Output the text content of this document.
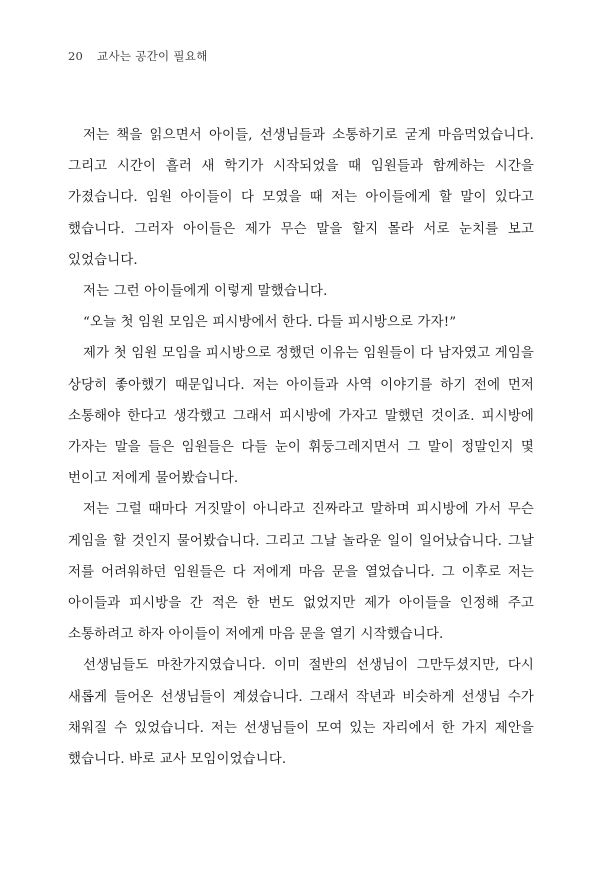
20 교사는 공간이 필요해

저는 책을 읽으면서 아이들, 선생님들과 소통하기로 굳게 마음먹었습니다. 그리고 시간이 흘러 새 학기가 시작되었을 때 임원들과 함께하는 시간을 가졌습니다. 임원 아이들이 다 모였을 때 저는 아이들에게 할 말이 있다고 했습니다. 그러자 아이들은 제가 무슨 말을 할지 몰라 서로 눈치를 보고 있었습니다.

저는 그런 아이들에게 이렇게 말했습니다.

“오늘 첫 임원 모임은 피시방에서 한다. 다들 피시방으로 가자!”

제가 첫 임원 모임을 피시방으로 정했던 이유는 임원들이 다 남자였고 게임을 상당히 좋아했기 때문입니다. 저는 아이들과 사역 이야기를 하기 전에 먼저 소통해야 한다고 생각했고 그래서 피시방에 가자고 말했던 것이죠. 피시방에 가자는 말을 들은 임원들은 다들 눈이 휘둥그레지면서 그 말이 정말인지 몇 번이고 저에게 물어봤습니다.

저는 그럴 때마다 거짓말이 아니라고 진짜라고 말하며 피시방에 가서 무슨 게임을 할 것인지 물어봤습니다. 그리고 그날 놀라운 일이 일어났습니다. 그날 저를 어려워하던 임원들은 다 저에게 마음 문을 열었습니다. 그 이후로 저는 아이들과 피시방을 간 적은 한 번도 없었지만 제가 아이들을 인정해 주고 소통하려고 하자 아이들이 저에게 마음 문을 열기 시작했습니다.

선생님들도 마찬가지였습니다. 이미 절반의 선생님이 그만두셨지만, 다시 새롭게 들어온 선생님들이 계셨습니다. 그래서 작년과 비슷하게 선생님 수가 채워질 수 있었습니다. 저는 선생님들이 모여 있는 자리에서 한 가지 제안을 했습니다. 바로 교사 모임이었습니다.
